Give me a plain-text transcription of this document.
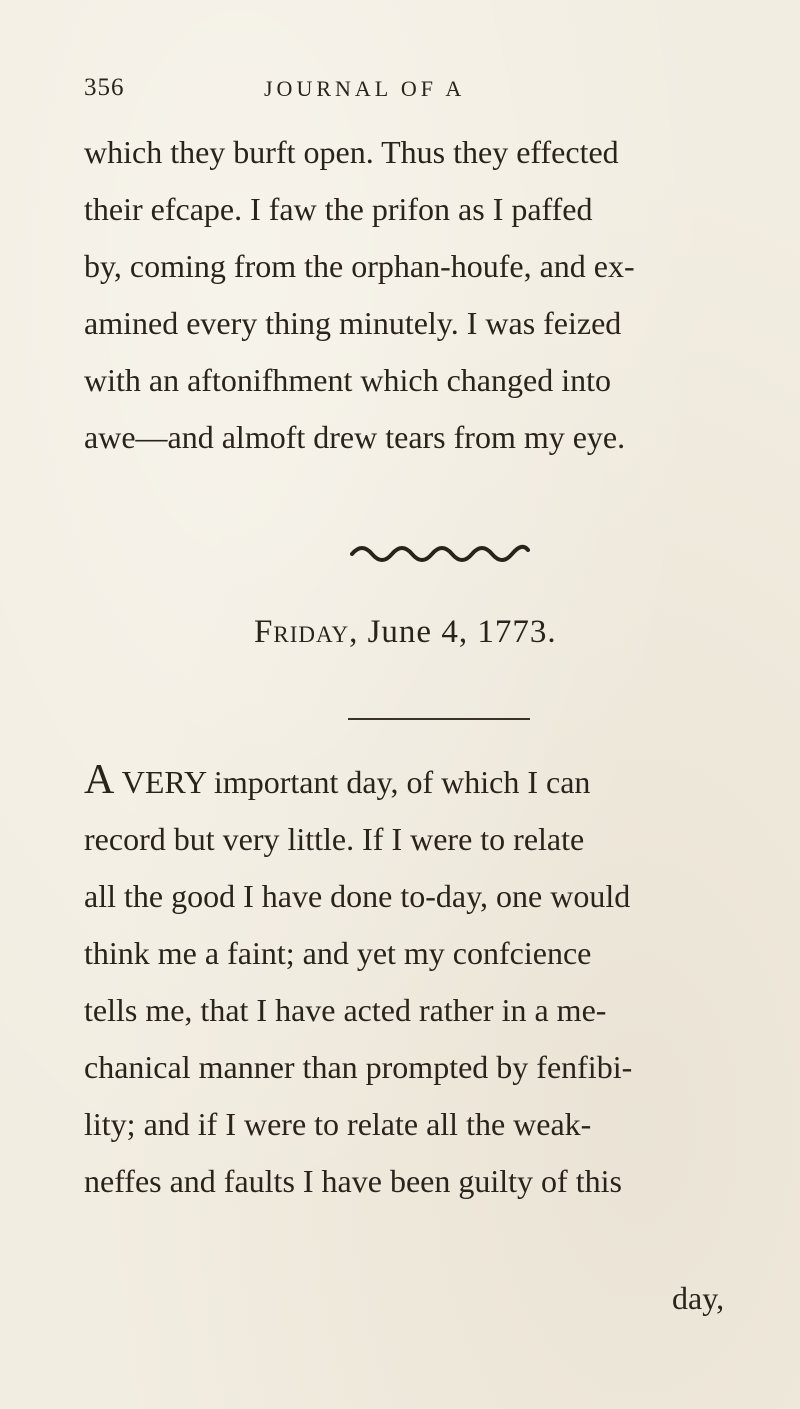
356	JOURNAL OF A
which they burft open. Thus they effected
their efcape. I faw the prifon as I paffed
by, coming from the orphan-houfe, and ex-
amined every thing minutely. I was feized
with an aftonifhment which changed into
awe—and almoft drew tears from my eye.
Friday, June 4, 1773.
A VERY important day, of which I can
record but very little. If I were to relate
all the good I have done to-day, one would
think me a faint; and yet my confcience
tells me, that I have acted rather in a me-
chanical manner than prompted by fenfibi-
lity; and if I were to relate all the weak-
neffes and faults I have been guilty of this
day,
